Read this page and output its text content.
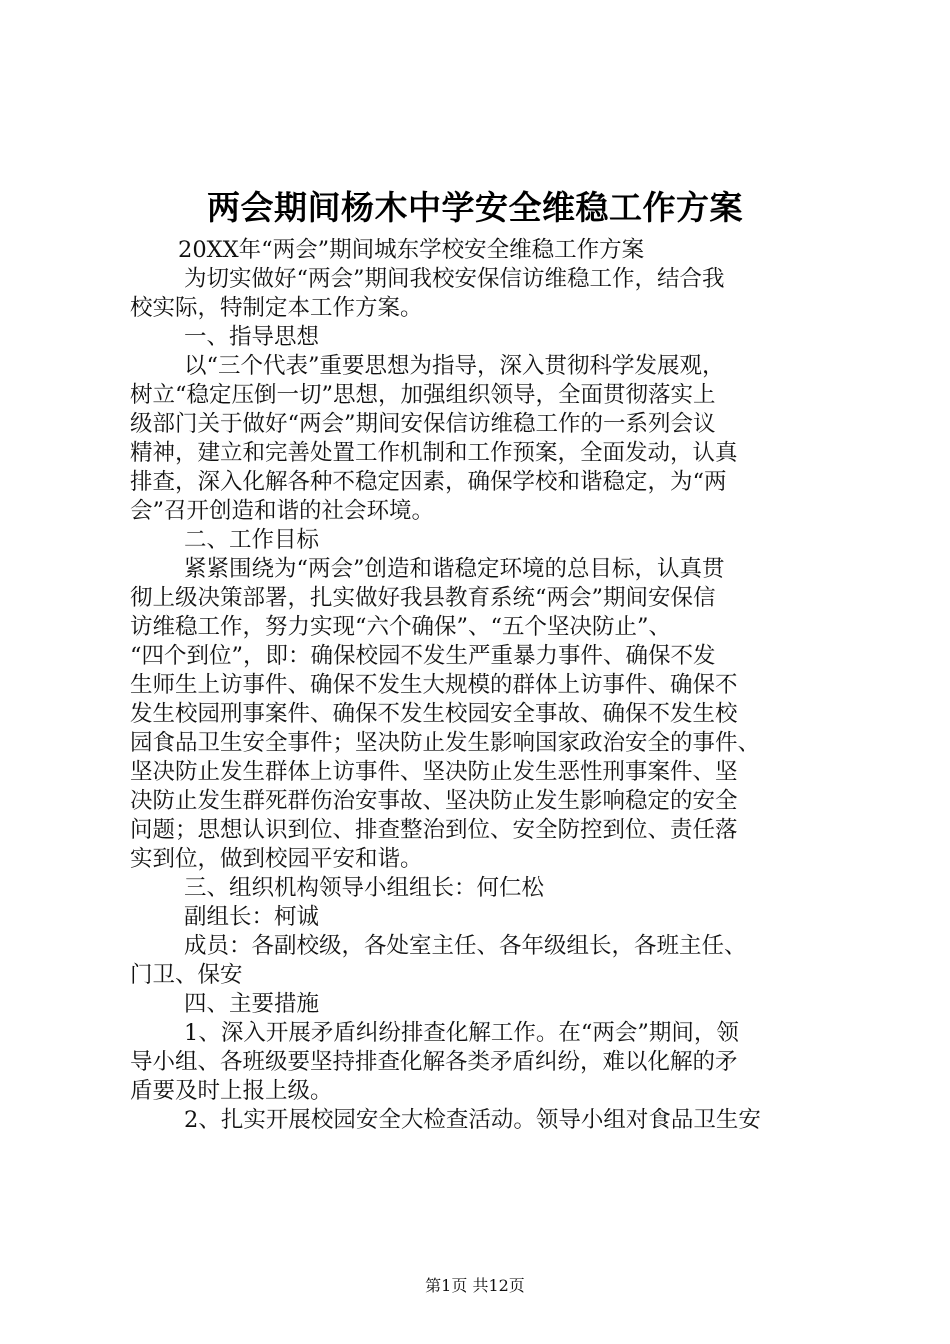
两会期间杨木中学安全维稳工作方案
20XX年“两会”期间城东学校安全维稳工作方案
为切实做好“两会”期间我校安保信访维稳工作，结合我
校实际，特制定本工作方案。
一、指导思想
以“三个代表”重要思想为指导，深入贯彻科学发展观，
树立“稳定压倒一切”思想，加强组织领导，全面贯彻落实上
级部门关于做好“两会”期间安保信访维稳工作的一系列会议
精神，建立和完善处置工作机制和工作预案，全面发动，认真
排查，深入化解各种不稳定因素，确保学校和谐稳定，为“两
会”召开创造和谐的社会环境。
二、工作目标
紧紧围绕为“两会”创造和谐稳定环境的总目标，认真贯
彻上级决策部署，扎实做好我县教育系统“两会”期间安保信
访维稳工作，努力实现“六个确保”、“五个坚决防止”、
“四个到位”，即：确保校园不发生严重暴力事件、确保不发
生师生上访事件、确保不发生大规模的群体上访事件、确保不
发生校园刑事案件、确保不发生校园安全事故、确保不发生校
园食品卫生安全事件；坚决防止发生影响国家政治安全的事件、
坚决防止发生群体上访事件、坚决防止发生恶性刑事案件、坚
决防止发生群死群伤治安事故、坚决防止发生影响稳定的安全
问题；思想认识到位、排查整治到位、安全防控到位、责任落
实到位，做到校园平安和谐。
三、组织机构领导小组组长：何仁松
副组长：柯诚
成员：各副校级，各处室主任、各年级组长，各班主任、
门卫、保安
四、主要措施
1、深入开展矛盾纠纷排查化解工作。在“两会”期间，领
导小组、各班级要坚持排查化解各类矛盾纠纷，难以化解的矛
盾要及时上报上级。
2、扎实开展校园安全大检查活动。领导小组对食品卫生安
第1页 共12页
